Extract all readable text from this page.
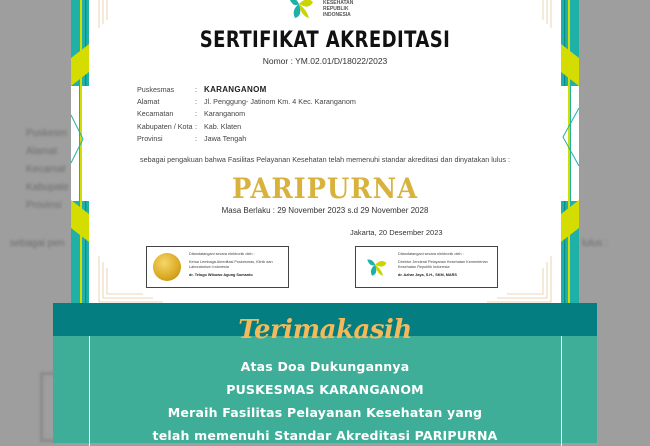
Puskesm
Alamat
Kecamat
Kabupate
Provinsi
sebagai pen	lulus :
KESEHATAN
REPUBLIK
INDONESIA
SERTIFIKAT AKREDITASI
Nomor : YM.02.01/D/18022/2023
Puskesmas	: KARANGANOM
Alamat	: Jl. Penggung- Jatinom Km. 4 Kec. Karanganom
Kecamatan	: Karanganom
Kabupaten / Kota : Kab. Klaten
Provinsi	: Jawa Tengah
sebagai pengakuan bahwa Fasilitas Pelayanan Kesehatan telah memenuhi standar akreditasi dan dinyatakan lulus :
PARIPURNA
Masa Berlaku : 29 November 2023 s.d 29 November 2028
Jakarta, 20 Desember 2023
Ditandatangani secara elektronik oleh :
Ketua Lembaga Akreditasi Puskesmas, Klinik dan Laboratorium Indonesia
dr. Telogo Wibowo Agung Sumanto
Ditandatangani secara elektronik oleh :
Direktur Jenderal Pelayanan Kesehatan Kementerian Kesehatan Republik Indonesia
dr. Azhar Jaya, S.H., SKM, MARS
Terimakasih
Atas Doa Dukungannya
PUSKESMAS KARANGANOM
Meraih Fasilitas Pelayanan Kesehatan yang
telah memenuhi Standar Akreditasi PARIPURNA
